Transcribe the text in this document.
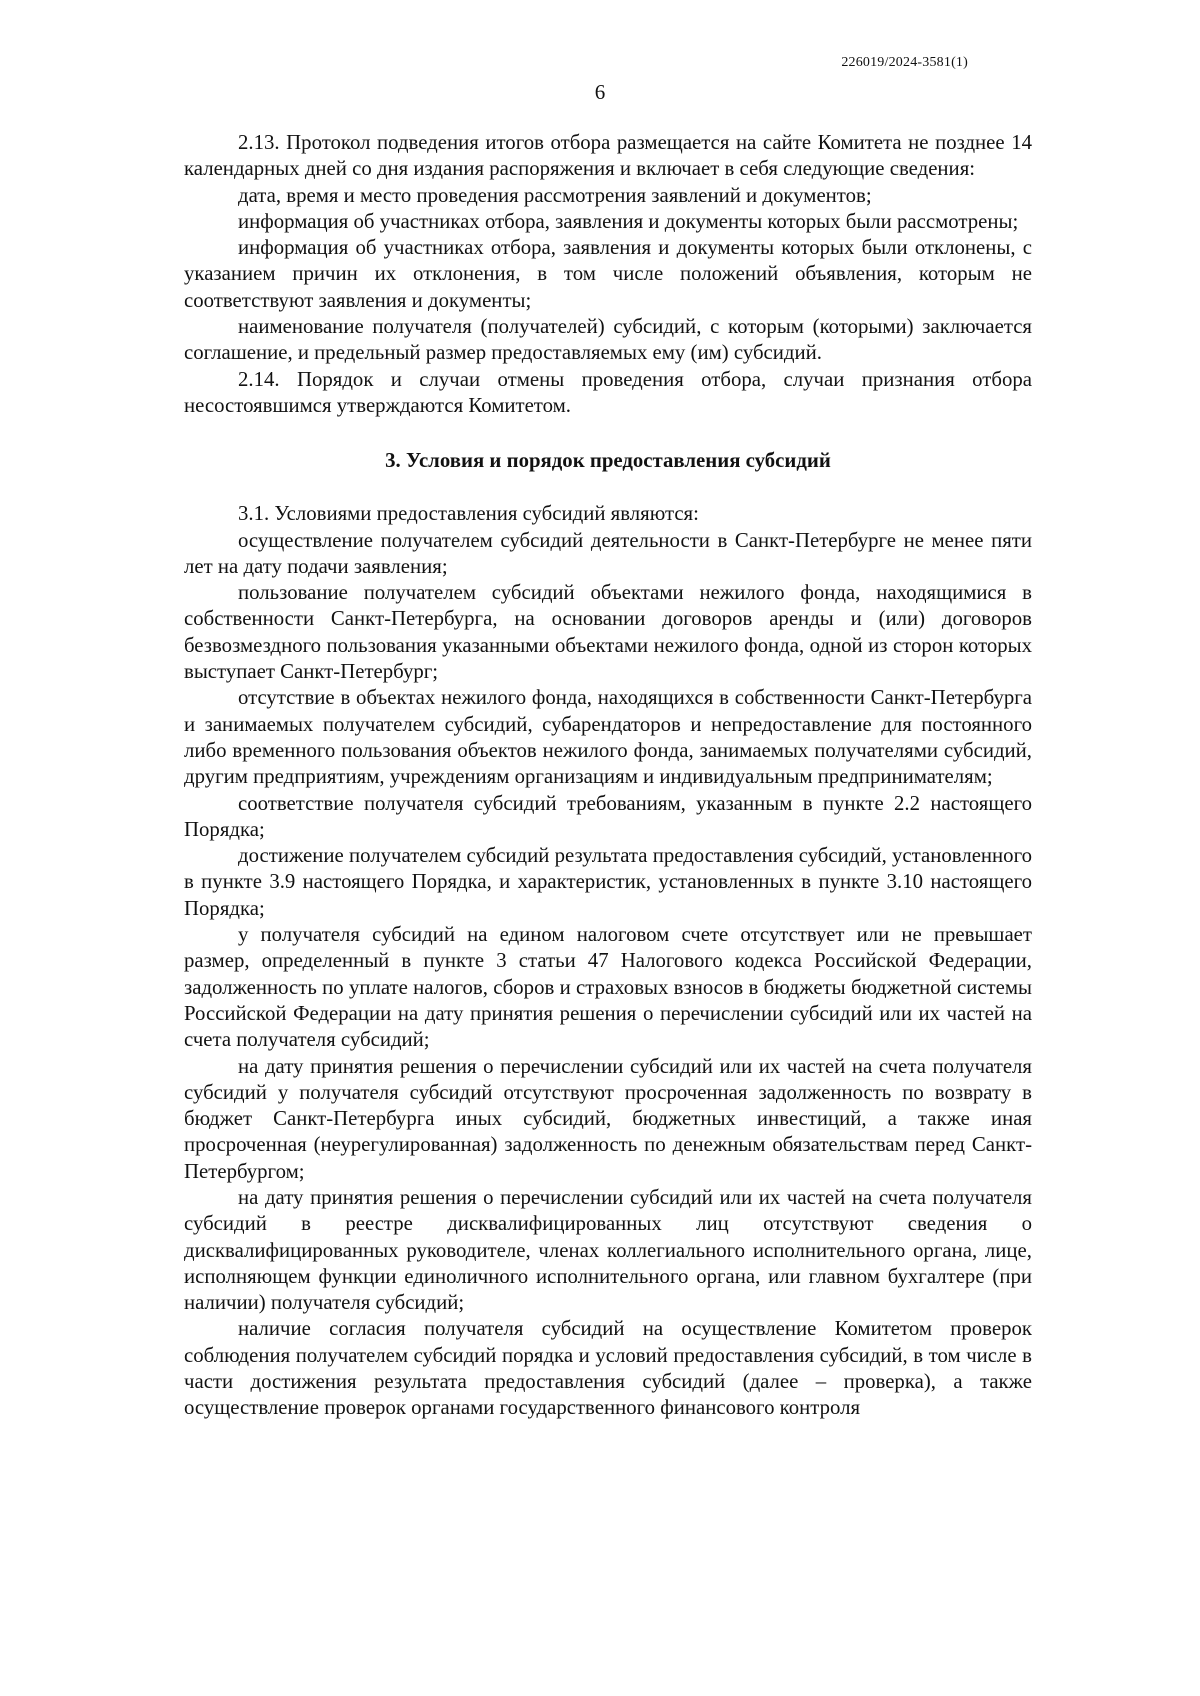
226019/2024-3581(1)
6

2.13. Протокол подведения итогов отбора размещается на сайте Комитета не позднее 14 календарных дней со дня издания распоряжения и включает в себя следующие сведения:

дата, время и место проведения рассмотрения заявлений и документов;

информация об участниках отбора, заявления и документы которых были рассмотрены;

информация об участниках отбора, заявления и документы которых были отклонены, с указанием причин их отклонения, в том числе положений объявления, которым не соответствуют заявления и документы;

наименование получателя (получателей) субсидий, с которым (которыми) заключается соглашение, и предельный размер предоставляемых ему (им) субсидий.

2.14. Порядок и случаи отмены проведения отбора, случаи признания отбора несостоявшимся утверждаются Комитетом.

3. Условия и порядок предоставления субсидий

3.1. Условиями предоставления субсидий являются:

осуществление получателем субсидий деятельности в Санкт-Петербурге не менее пяти лет на дату подачи заявления;

пользование получателем субсидий объектами нежилого фонда, находящимися в собственности Санкт-Петербурга, на основании договоров аренды и (или) договоров безвозмездного пользования указанными объектами нежилого фонда, одной из сторон которых выступает Санкт-Петербург;

отсутствие в объектах нежилого фонда, находящихся в собственности Санкт-Петербурга и занимаемых получателем субсидий, субарендаторов и непредоставление для постоянного либо временного пользования объектов нежилого фонда, занимаемых получателями субсидий, другим предприятиям, учреждениям организациям и индивидуальным предпринимателям;

соответствие получателя субсидий требованиям, указанным в пункте 2.2 настоящего Порядка;

достижение получателем субсидий результата предоставления субсидий, установленного в пункте 3.9 настоящего Порядка, и характеристик, установленных в пункте 3.10 настоящего Порядка;

у получателя субсидий на едином налоговом счете отсутствует или не превышает размер, определенный в пункте 3 статьи 47 Налогового кодекса Российской Федерации, задолженность по уплате налогов, сборов и страховых взносов в бюджеты бюджетной системы Российской Федерации на дату принятия решения о перечислении субсидий или их частей на счета получателя субсидий;

на дату принятия решения о перечислении субсидий или их частей на счета получателя субсидий у получателя субсидий отсутствуют просроченная задолженность по возврату в бюджет Санкт-Петербурга иных субсидий, бюджетных инвестиций, а также иная просроченная (неурегулированная) задолженность по денежным обязательствам перед Санкт-Петербургом;

на дату принятия решения о перечислении субсидий или их частей на счета получателя субсидий в реестре дисквалифицированных лиц отсутствуют сведения о дисквалифицированных руководителе, членах коллегиального исполнительного органа, лице, исполняющем функции единоличного исполнительного органа, или главном бухгалтере (при наличии) получателя субсидий;

наличие согласия получателя субсидий на осуществление Комитетом проверок соблюдения получателем субсидий порядка и условий предоставления субсидий, в том числе в части достижения результата предоставления субсидий (далее – проверка), а также осуществление проверок органами государственного финансового контроля
